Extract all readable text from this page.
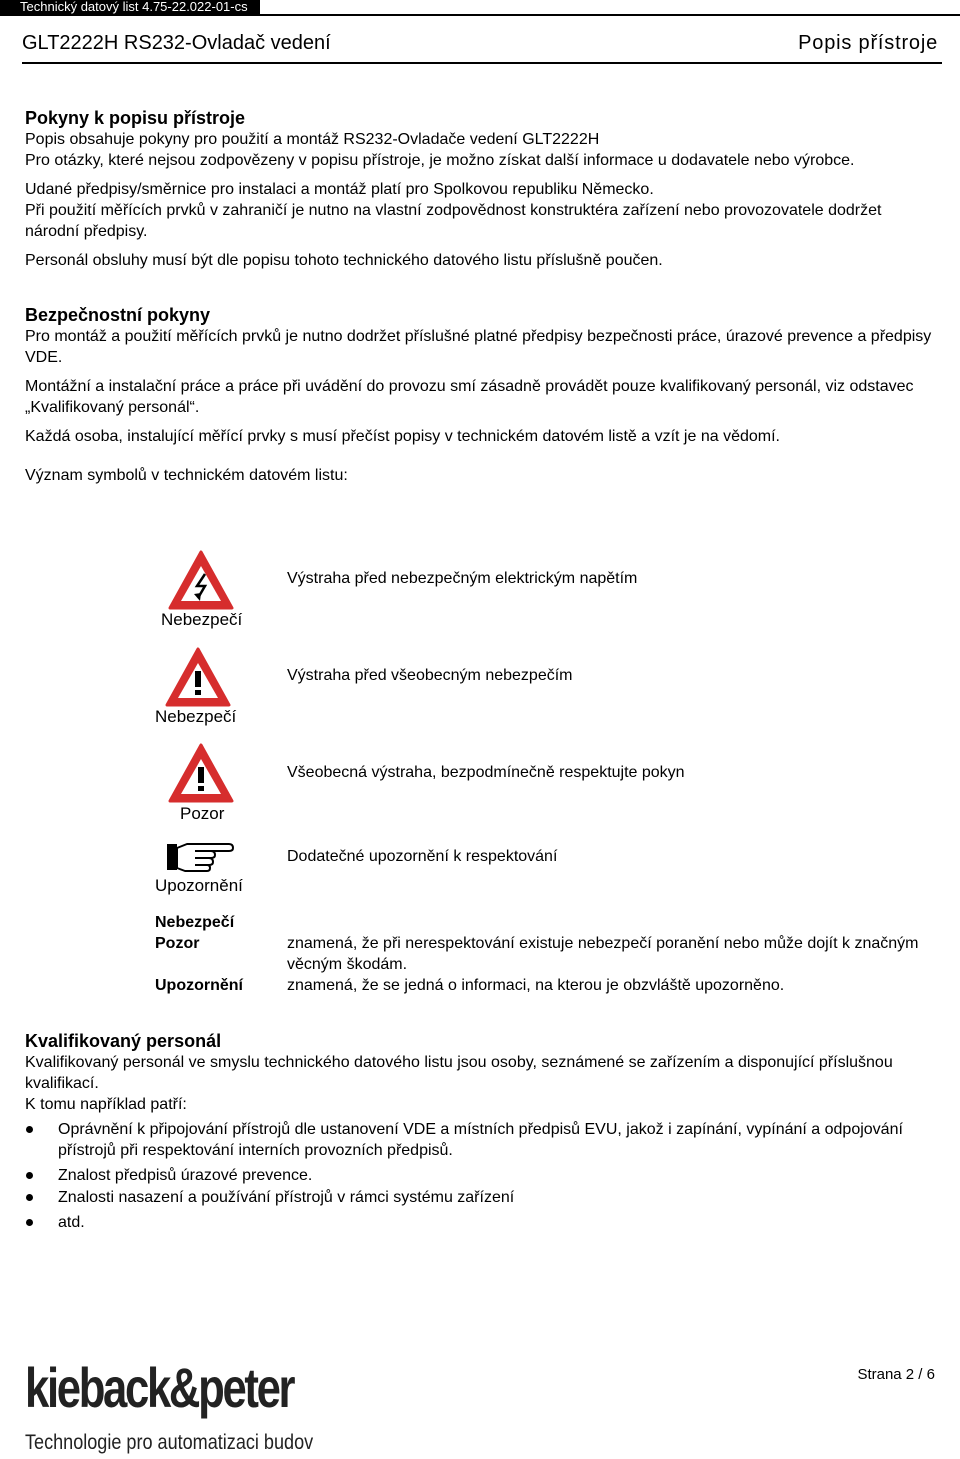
Technický datový list 4.75-22.022-01-cs
GLT2222H RS232-Ovladač vedení	Popis přístroje
Pokyny k popisu přístroje

Popis obsahuje pokyny pro použití a montáž RS232-Ovladače vedení GLT2222H

Pro otázky, které nejsou zodpovězeny v popisu přístroje, je možno získat další informace u dodavatele nebo výrobce.

Udané předpisy/směrnice pro instalaci a montáž platí pro Spolkovou republiku Německo.

Při použití měřících prvků v zahraničí je nutno na vlastní zodpovědnost konstruktéra zařízení nebo provozovatele dodržet národní předpisy.

Personál obsluhy musí být dle popisu tohoto technického datového listu příslušně poučen.

Bezpečnostní pokyny

Pro montáž a použití měřících prvků je nutno dodržet příslušné platné předpisy bezpečnosti práce, úrazové prevence a předpisy VDE.

Montážní a instalační práce a práce při uvádění do provozu smí zásadně provádět pouze kvalifikovaný personál, viz odstavec „Kvalifikovaný personál“.

Každá osoba, instalující měřící prvky s musí přečíst popisy v technickém datovém listě a vzít je na vědomí.

Význam symbolů v technickém datovém listu:

Nebezpečí
Výstraha před nebezpečným elektrickým napětím
Nebezpečí
Výstraha před všeobecným nebezpečím
Pozor
Všeobecná výstraha, bezpodmínečně respektujte pokyn
Upozornění
Dodatečné upozornění k respektování
Nebezpečí
Pozor
Upozornění
znamená, že při nerespektování existuje nebezpečí poranění nebo může dojít k značným věcným škodám.
znamená, že se jedná o informaci, na kterou je obzvláště upozorněno.
Kvalifikovaný personál

Kvalifikovaný personál ve smyslu technického datového listu jsou osoby, seznámené se zařízením a disponující příslušnou kvalifikací.

K tomu například patří:

Oprávnění k připojování přístrojů dle ustanovení VDE a místních předpisů EVU, jakož i zapínání, vypínání a odpojování přístrojů při respektování interních provozních předpisů.
Znalost předpisů úrazové prevence.
Znalosti nasazení a používání přístrojů v rámci systému zařízení
atd.
kieback&peter
Technologie pro automatizaci budov
Strana 2 / 6
